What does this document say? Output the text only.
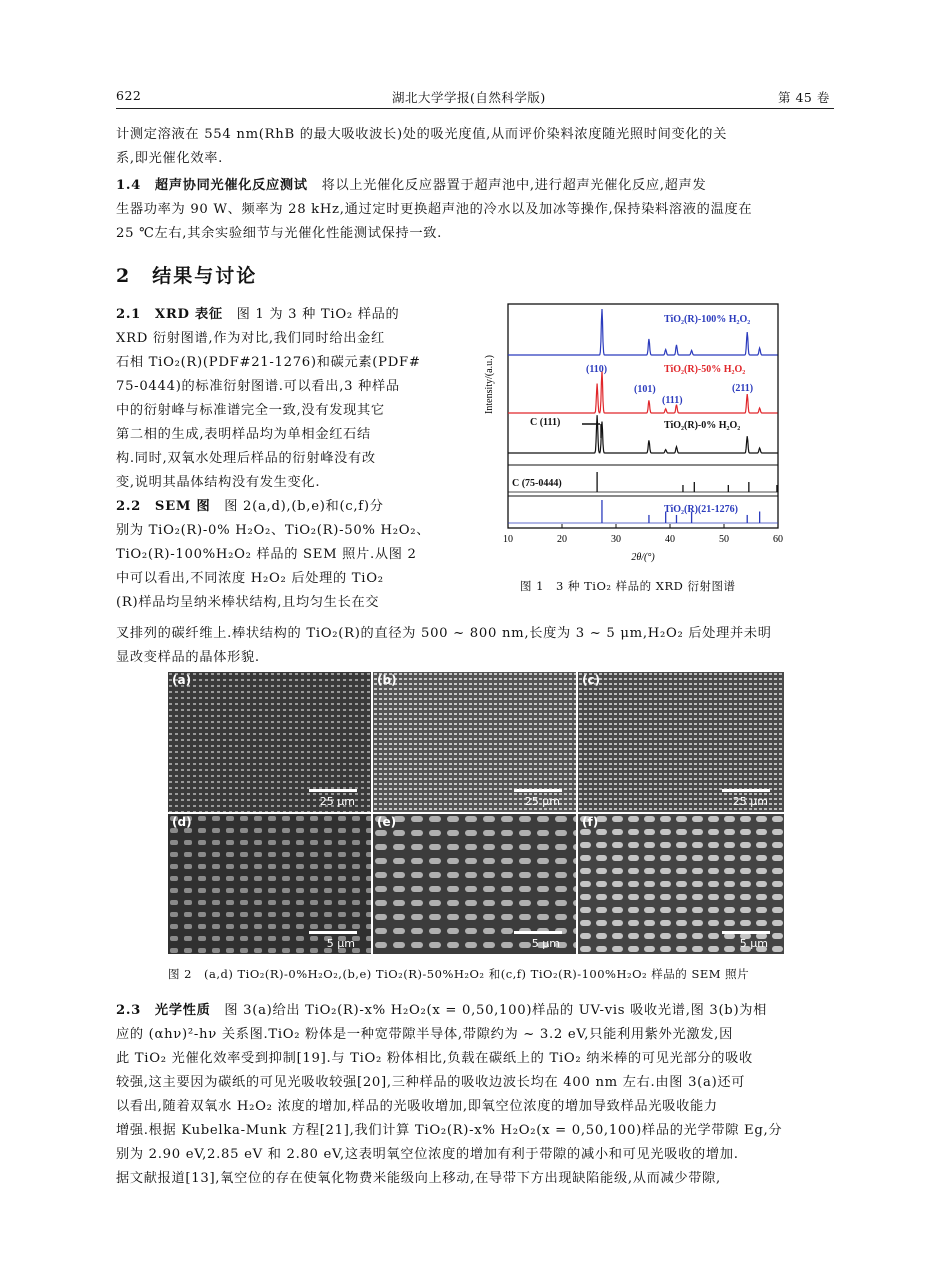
622	湖北大学学报(自然科学版)	第 45 卷
计测定溶液在 554 nm(RhB 的最大吸收波长)处的吸光度值,从而评价染料浓度随光照时间变化的关
系,即光催化效率.
1.4　超声协同光催化反应测试　将以上光催化反应器置于超声池中,进行超声光催化反应,超声发
生器功率为 90 W、频率为 28 kHz,通过定时更换超声池的冷水以及加冰等操作,保持染料溶液的温度在
25 ℃左右,其余实验细节与光催化性能测试保持一致.
2　结果与讨论
2.1　XRD 表征　图 1 为 3 种 TiO₂ 样品的
XRD 衍射图谱,作为对比,我们同时给出金红
石相 TiO₂(R)(PDF#21-1276)和碳元素(PDF#
75-0444)的标准衍射图谱.可以看出,3 种样品
中的衍射峰与标准谱完全一致,没有发现其它
第二相的生成,表明样品均为单相金红石结
构.同时,双氧水处理后样品的衍射峰没有改
变,说明其晶体结构没有发生变化.
2.2　SEM 图　图 2(a,d),(b,e)和(c,f)分
别为 TiO₂(R)-0% H₂O₂、TiO₂(R)-50% H₂O₂、
TiO₂(R)-100%H₂O₂ 样品的 SEM 照片.从图 2
中可以看出,不同浓度 H₂O₂ 后处理的 TiO₂
(R)样品均呈纳米棒状结构,且均匀生长在交
叉排列的碳纤维上.棒状结构的 TiO₂(R)的直径为 500 ~ 800 nm,长度为 3 ~ 5 μm,H₂O₂ 后处理并未明
显改变样品的晶体形貌.
10	20	30	40	50	60
2θ/(°)
Intensity/(a.u.)
TiO₂(R)-100% H₂O₂
TiO₂(R)-50% H₂O₂
TiO₂(R)-0% H₂O₂
C (75-0444)
TiO₂(R)(21-1276)
(110)
(101)
(111)
(211)
C (111)
图 1　3 种 TiO₂ 样品的 XRD 衍射图谱
(a)
25 μm
(b)
25 μm
(c)
25 μm
(d)
5 μm
(e)
5 μm
(f)
5 μm
图 2　(a,d) TiO₂(R)-0%H₂O₂,(b,e) TiO₂(R)-50%H₂O₂ 和(c,f) TiO₂(R)-100%H₂O₂ 样品的 SEM 照片
2.3　光学性质　图 3(a)给出 TiO₂(R)-x% H₂O₂(x = 0,50,100)样品的 UV-vis 吸收光谱,图 3(b)为相
应的 (αhν)²-hν 关系图.TiO₂ 粉体是一种宽带隙半导体,带隙约为 ~ 3.2 eV,只能利用紫外光激发,因
此 TiO₂ 光催化效率受到抑制[19].与 TiO₂ 粉体相比,负载在碳纸上的 TiO₂ 纳米棒的可见光部分的吸收
较强,这主要因为碳纸的可见光吸收较强[20],三种样品的吸收边波长均在 400 nm 左右.由图 3(a)还可
以看出,随着双氧水 H₂O₂ 浓度的增加,样品的光吸收增加,即氧空位浓度的增加导致样品光吸收能力
增强.根据 Kubelka-Munk 方程[21],我们计算 TiO₂(R)-x% H₂O₂(x = 0,50,100)样品的光学带隙 Eg,分
别为 2.90 eV,2.85 eV 和 2.80 eV,这表明氧空位浓度的增加有利于带隙的减小和可见光吸收的增加.
据文献报道[13],氧空位的存在使氧化物费米能级向上移动,在导带下方出现缺陷能级,从而减少带隙,
